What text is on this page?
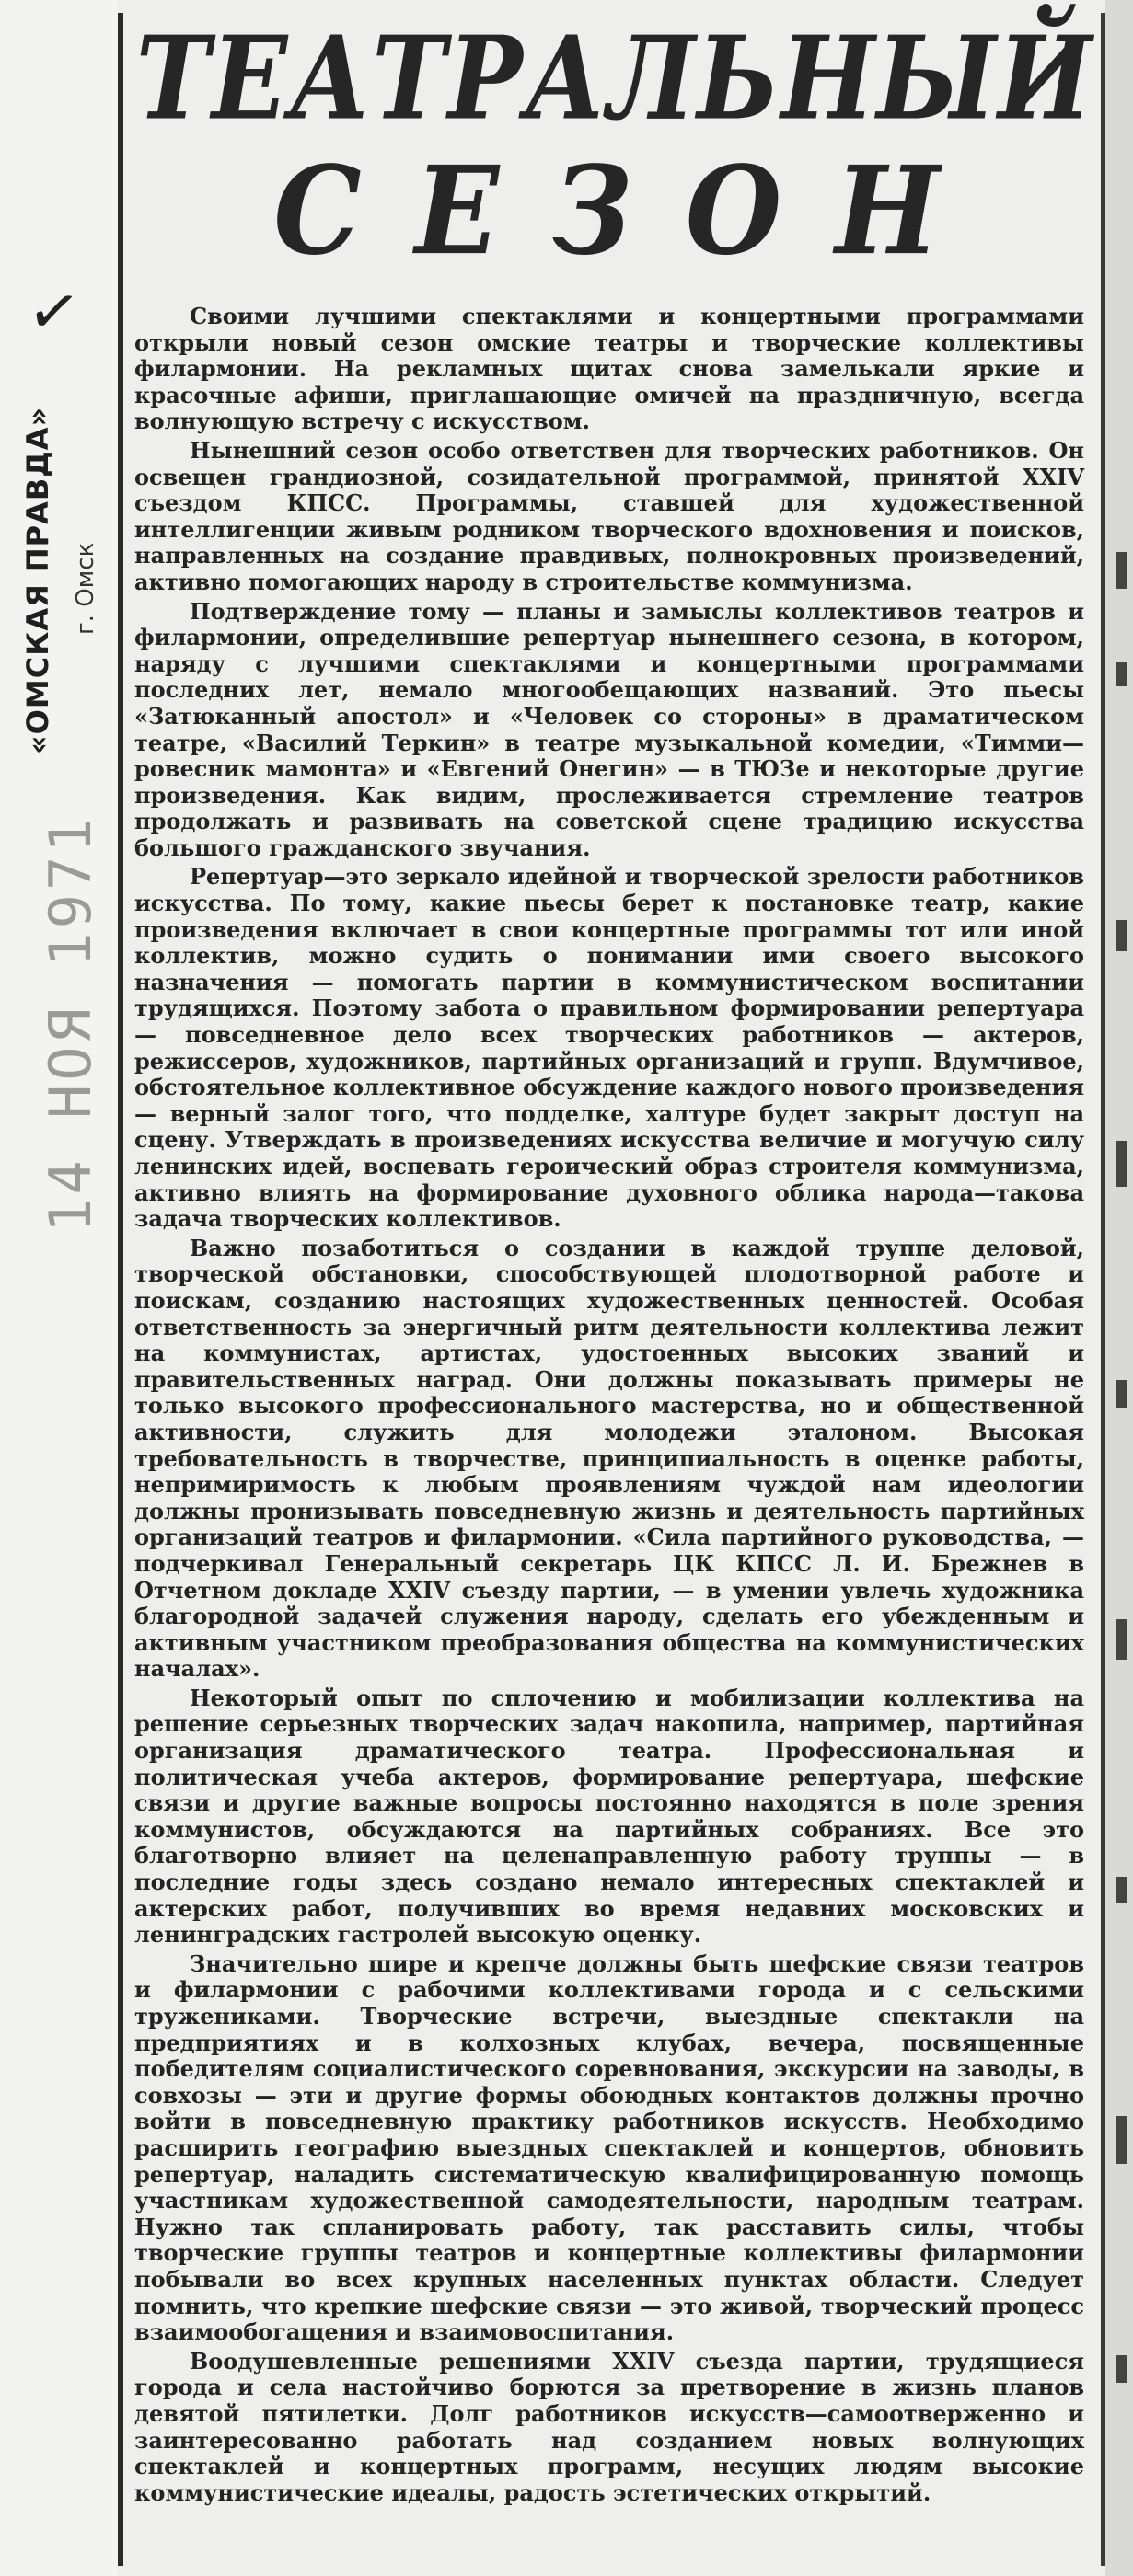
✓
«ОМСКАЯ ПРАВДА» г. Омск
14 НОЯ 1971
ТЕАТРАЛЬНЫЙ
СЕЗОН

Своими лучшими спектаклями и концертными программами открыли новый сезон омские театры и творческие коллективы филармонии. На рекламных щитах снова замелькали яркие и красочные афиши, приглашающие омичей на праздничную, всегда волнующую встречу с искусством.

Нынешний сезон особо ответствен для творческих работников. Он освещен грандиозной, созидательной программой, принятой XXIV съездом КПСС. Программы, ставшей для художественной интеллигенции живым родником творческого вдохновения и поисков, направленных на создание правдивых, полнокровных произведений, активно помогающих народу в строительстве коммунизма.

Подтверждение тому — планы и замыслы коллективов театров и филармонии, определившие репертуар нынешнего сезона, в котором, наряду с лучшими спектаклями и концертными программами последних лет, немало многообещающих названий. Это пьесы «Затюканный апостол» и «Человек со стороны» в драматическом театре, «Василий Теркин» в театре музыкальной комедии, «Тимми—ровесник мамонта» и «Евгений Онегин» — в ТЮЗе и некоторые другие произведения. Как видим, прослеживается стремление театров продолжать и развивать на советской сцене традицию искусства большого гражданского звучания.

Репертуар—это зеркало идейной и творческой зрелости работников искусства. По тому, какие пьесы берет к постановке театр, какие произведения включает в свои концертные программы тот или иной коллектив, можно судить о понимании ими своего высокого назначения — помогать партии в коммунистическом воспитании трудящихся. Поэтому забота о правильном формировании репертуара — повседневное дело всех творческих работников — актеров, режиссеров, художников, партийных организаций и групп. Вдумчивое, обстоятельное коллективное обсуждение каждого нового произведения — верный залог того, что подделке, халтуре будет закрыт доступ на сцену. Утверждать в произведениях искусства величие и могучую силу ленинских идей, воспевать героический образ строителя коммунизма, активно влиять на формирование духовного облика народа—такова задача творческих коллективов.

Важно позаботиться о создании в каждой труппе деловой, творческой обстановки, способствующей плодотворной работе и поискам, созданию настоящих художественных ценностей. Особая ответственность за энергичный ритм деятельности коллектива лежит на коммунистах, артистах, удостоенных высоких званий и правительственных наград. Они должны показывать примеры не только высокого профессионального мастерства, но и общественной активности, служить для молодежи эталоном. Высокая требовательность в творчестве, принципиальность в оценке работы, непримиримость к любым проявлениям чуждой нам идеологии должны пронизывать повседневную жизнь и деятельность партийных организаций театров и филармонии. «Сила партийного руководства, — подчеркивал Генеральный секретарь ЦК КПСС Л. И. Брежнев в Отчетном докладе XXIV съезду партии, — в умении увлечь художника благородной задачей служения народу, сделать его убежденным и активным участником преобразования общества на коммунистических началах».

Некоторый опыт по сплочению и мобилизации коллектива на решение серьезных творческих задач накопила, например, партийная организация драматического театра. Профессиональная и политическая учеба актеров, формирование репертуара, шефские связи и другие важные вопросы постоянно находятся в поле зрения коммунистов, обсуждаются на партийных собраниях. Все это благотворно влияет на целенаправленную работу труппы — в последние годы здесь создано немало интересных спектаклей и актерских работ, получивших во время недавних московских и ленинградских гастролей высокую оценку.

Значительно шире и крепче должны быть шефские связи театров и филармонии с рабочими коллективами города и с сельскими тружениками. Творческие встречи, выездные спектакли на предприятиях и в колхозных клубах, вечера, посвященные победителям социалистического соревнования, экскурсии на заводы, в совхозы — эти и другие формы обоюдных контактов должны прочно войти в повседневную практику работников искусств. Необходимо расширить географию выездных спектаклей и концертов, обновить репертуар, наладить систематическую квалифицированную помощь участникам художественной самодеятельности, народным театрам. Нужно так спланировать работу, так расставить силы, чтобы творческие группы театров и концертные коллективы филармонии побывали во всех крупных населенных пунктах области. Следует помнить, что крепкие шефские связи — это живой, творческий процесс взаимообогащения и взаимовоспитания.

Воодушевленные решениями XXIV съезда партии, трудящиеся города и села настойчиво борются за претворение в жизнь планов девятой пятилетки. Долг работников искусств—самоотверженно и заинтересованно работать над созданием новых волнующих спектаклей и концертных программ, несущих людям высокие коммунистические идеалы, радость эстетических открытий.
